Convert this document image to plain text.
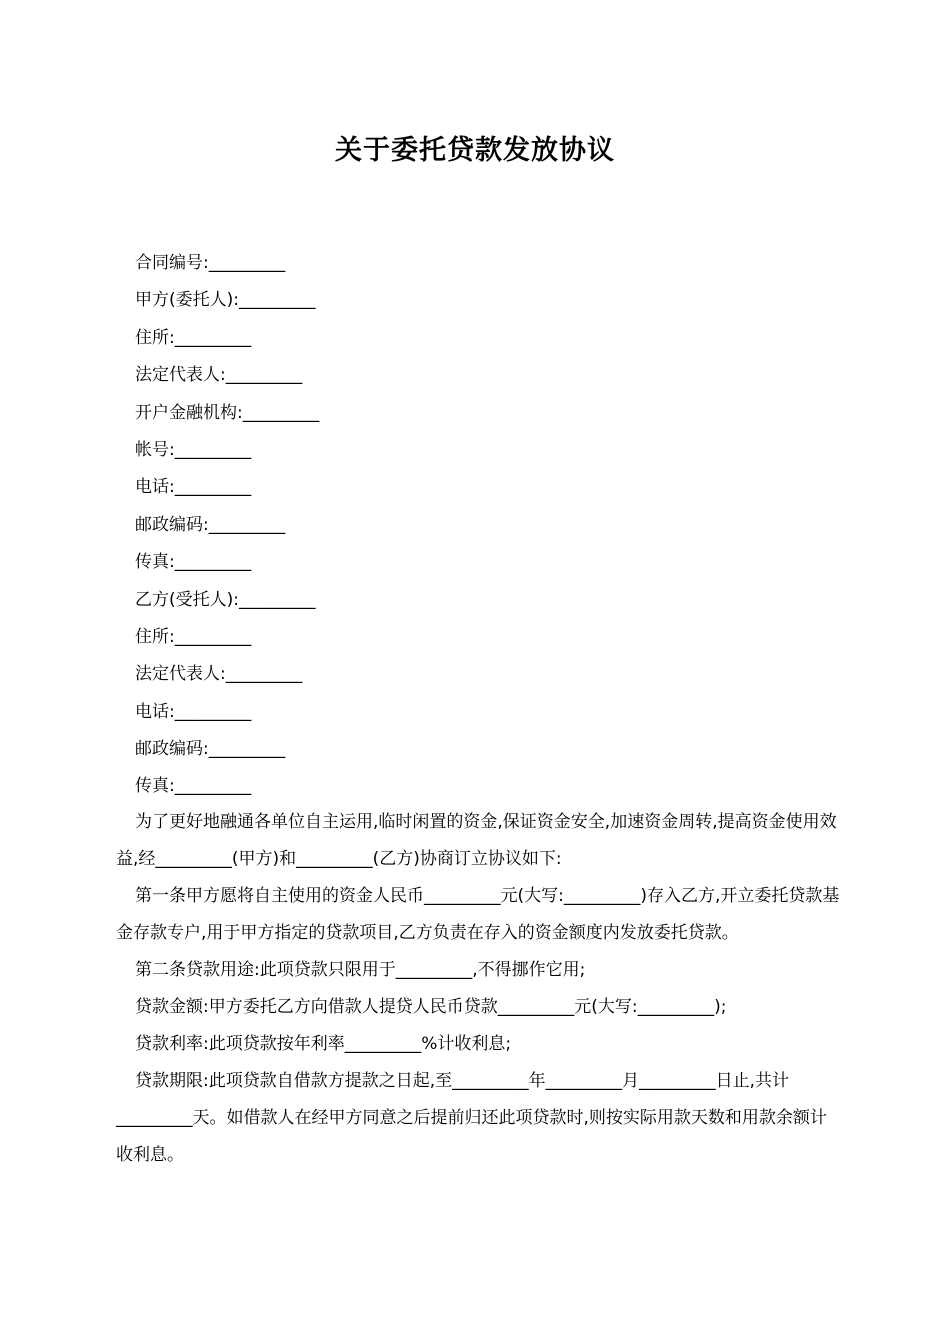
关于委托贷款发放协议
合同编号:_________
甲方(委托人):_________
住所:_________
法定代表人:_________
开户金融机构:_________
帐号:_________
电话:_________
邮政编码:_________
传真:_________
乙方(受托人):_________
住所:_________
法定代表人:_________
电话:_________
邮政编码:_________
传真:_________

为了更好地融通各单位自主运用,临时闲置的资金,保证资金安全,加速资金周转,提高资金使用效益,经_________(甲方)和_________(乙方)协商订立协议如下:

第一条甲方愿将自主使用的资金人民币_________元(大写:_________)存入乙方,开立委托贷款基金存款专户,用于甲方指定的贷款项目,乙方负责在存入的资金额度内发放委托贷款。

第二条贷款用途:此项贷款只限用于_________,不得挪作它用;

贷款金额:甲方委托乙方向借款人提贷人民币贷款_________元(大写:_________);

贷款利率:此项贷款按年利率_________%计收利息;

贷款期限:此项贷款自借款方提款之日起,至_________年_________月_________日止,共计_________天。如借款人在经甲方同意之后提前归还此项贷款时,则按实际用款天数和用款余额计收利息。
